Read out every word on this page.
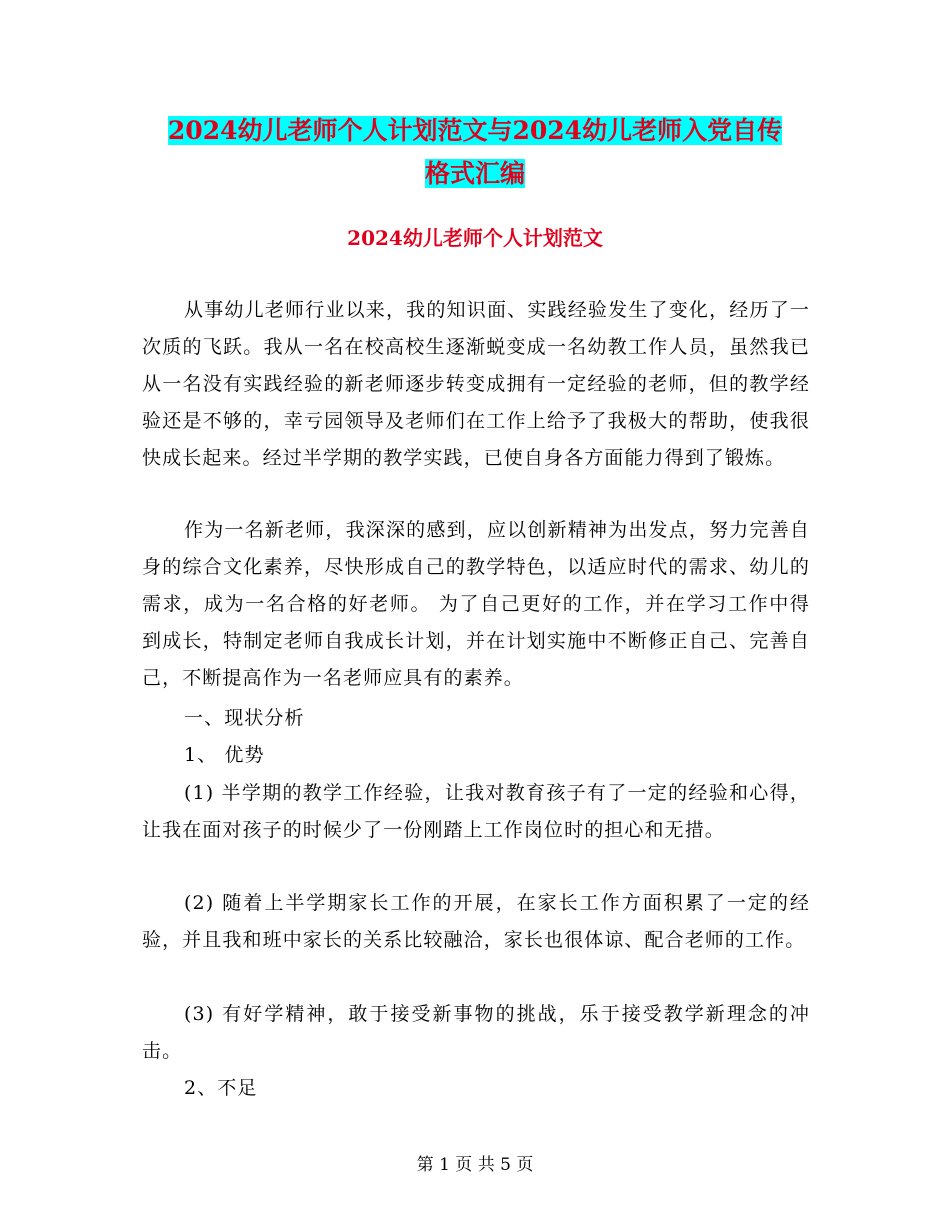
2024幼儿老师个人计划范文与2024幼儿老师入党自传
格式汇编
2024幼儿老师个人计划范文

从事幼儿老师行业以来，我的知识面、实践经验发生了变化，经历了一次质的飞跃。我从一名在校高校生逐渐蜕变成一名幼教工作人员，虽然我已从一名没有实践经验的新老师逐步转变成拥有一定经验的老师，但的教学经验还是不够的，幸亏园领导及老师们在工作上给予了我极大的帮助，使我很快成长起来。经过半学期的教学实践，已使自身各方面能力得到了锻炼。

作为一名新老师，我深深的感到，应以创新精神为出发点，努力完善自身的综合文化素养，尽快形成自己的教学特色，以适应时代的需求、幼儿的需求，成为一名合格的好老师。 为了自己更好的工作，并在学习工作中得到成长，特制定老师自我成长计划，并在计划实施中不断修正自己、完善自己，不断提高作为一名老师应具有的素养。

一、现状分析

1、 优势

(1) 半学期的教学工作经验，让我对教育孩子有了一定的经验和心得，让我在面对孩子的时候少了一份刚踏上工作岗位时的担心和无措。

(2) 随着上半学期家长工作的开展，在家长工作方面积累了一定的经验，并且我和班中家长的关系比较融洽，家长也很体谅、配合老师的工作。

(3) 有好学精神，敢于接受新事物的挑战，乐于接受教学新理念的冲击。

2、不足

第 1 页 共 5 页
